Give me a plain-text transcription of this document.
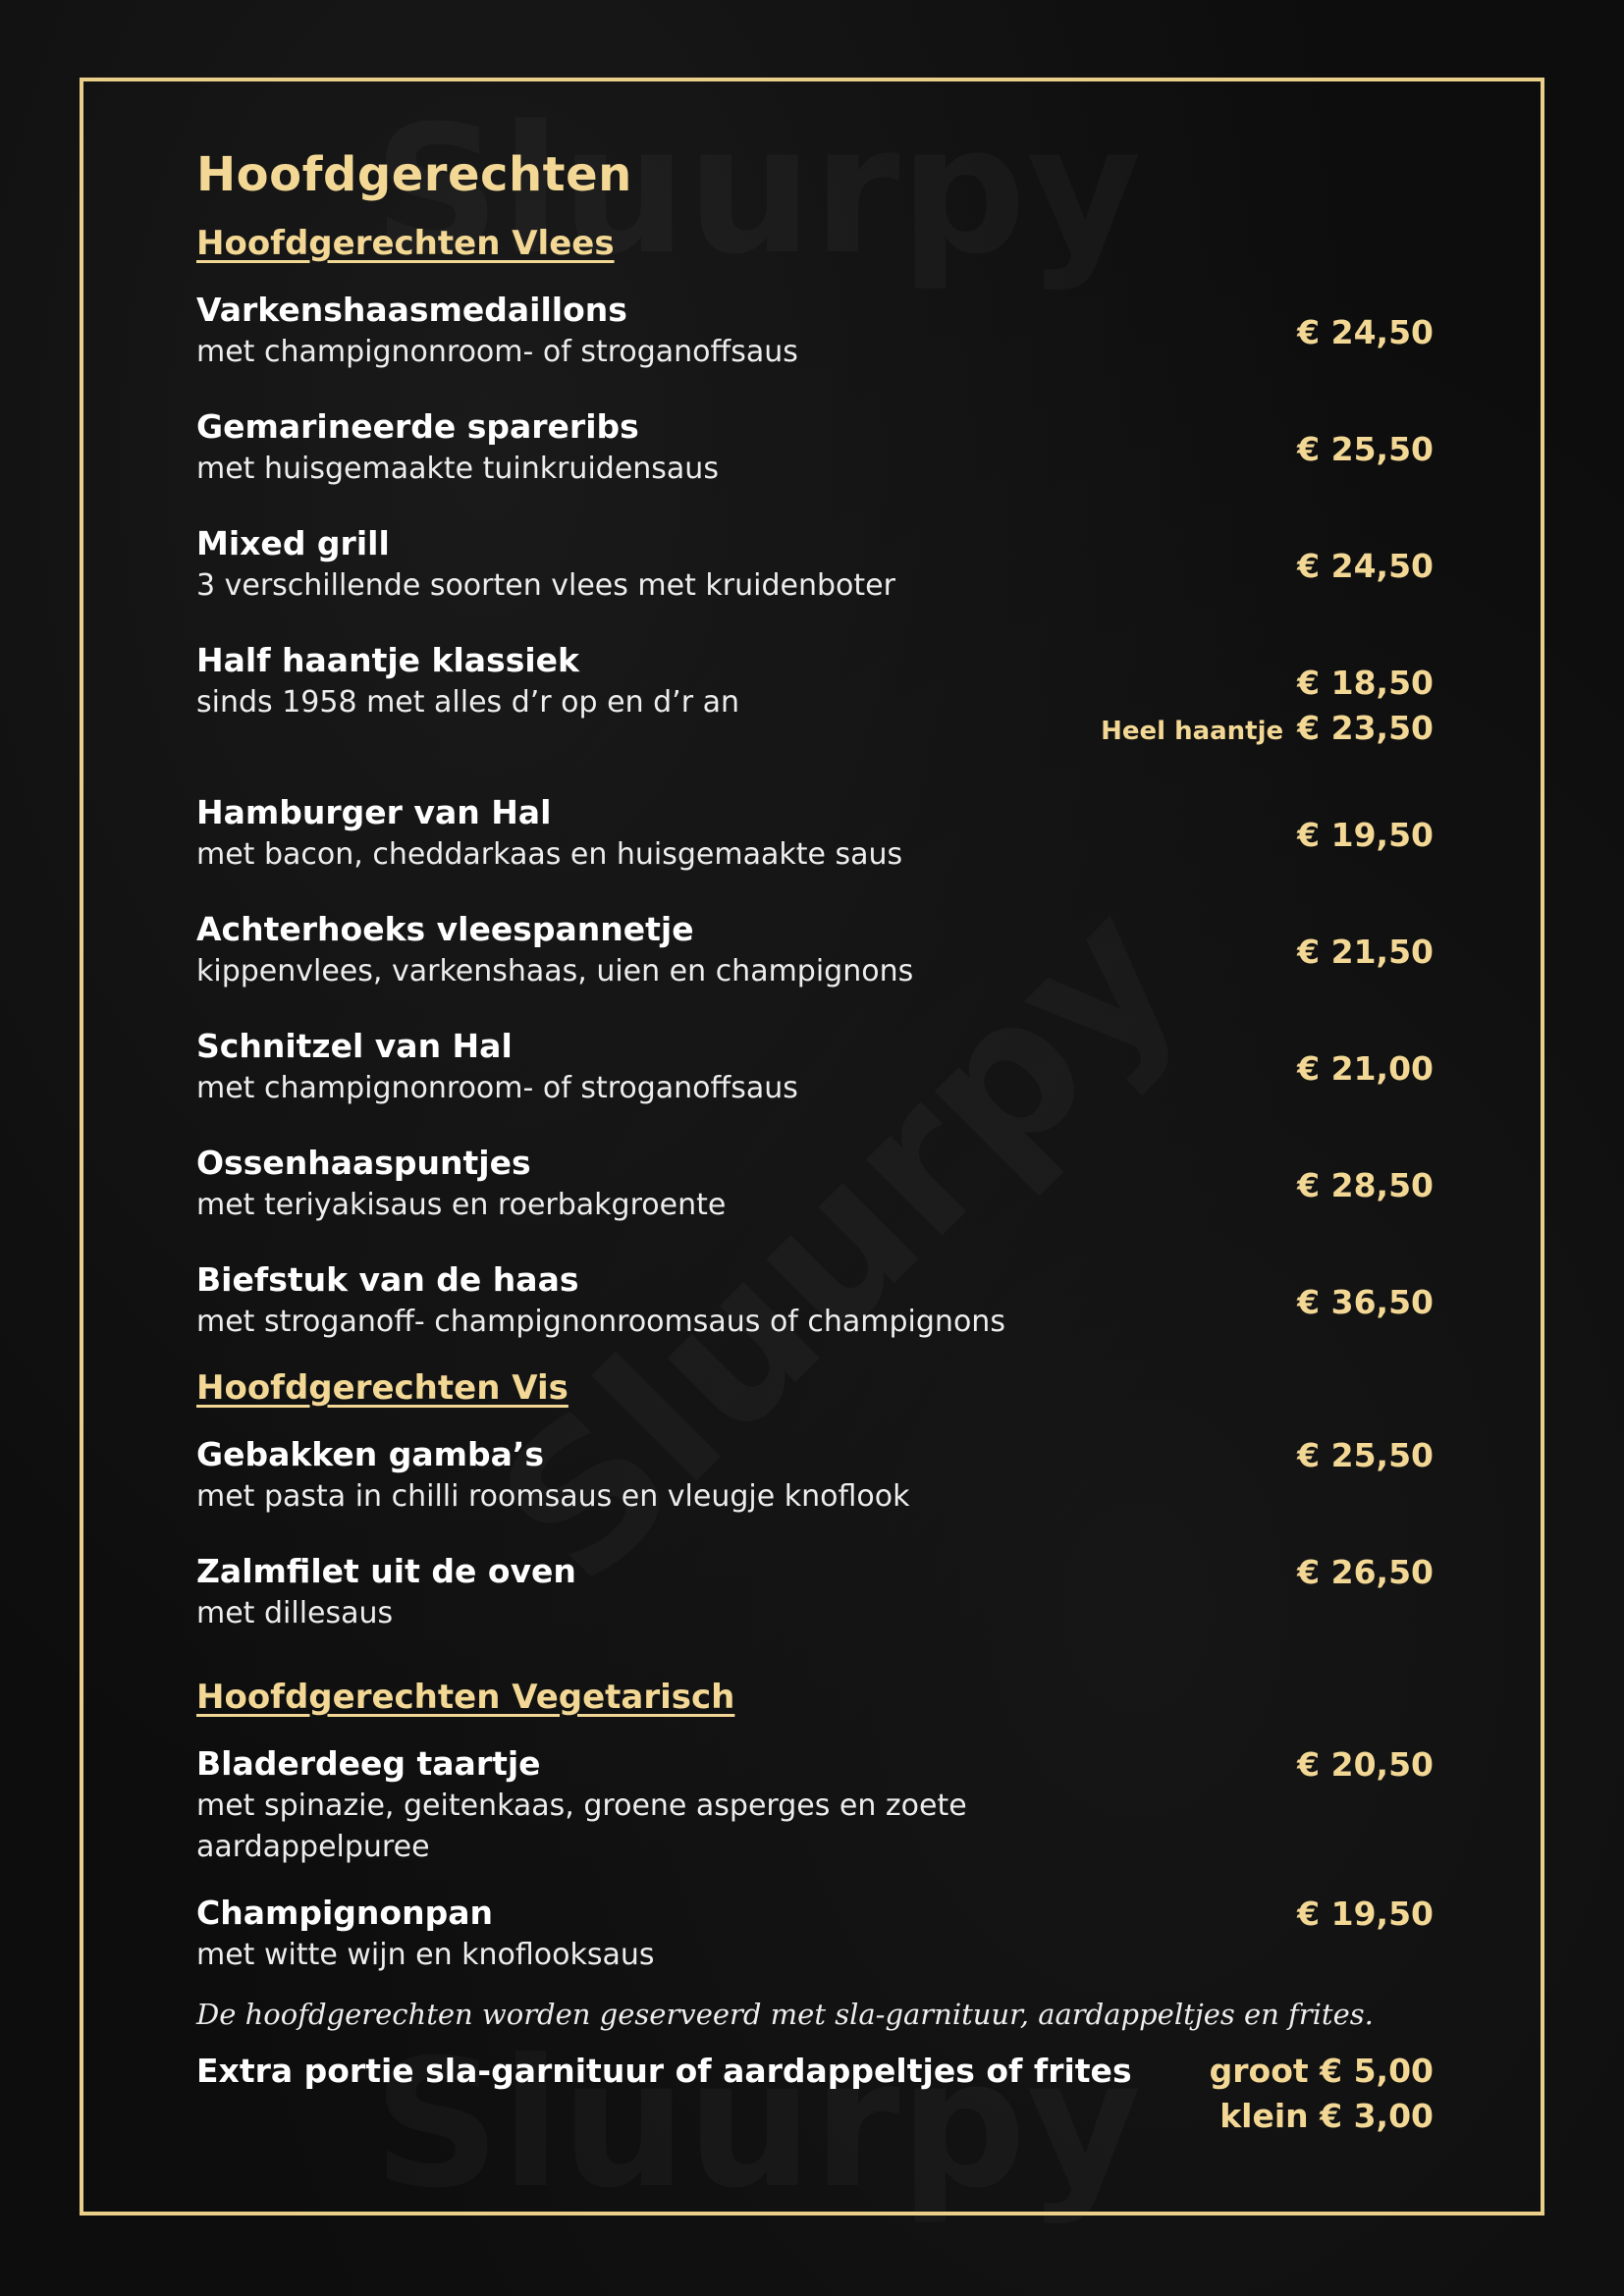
Hoofdgerechten
Hoofdgerechten Vlees
Varkenshaasmedaillons
met champignonroom- of stroganoffsaus
€ 24,50
Gemarineerde spareribs
met huisgemaakte tuinkruidensaus
€ 25,50
Mixed grill
3 verschillende soorten vlees met kruidenboter
€ 24,50
Half haantje klassiek
sinds 1958 met alles d’r op en d’r an
€ 18,50
Heel haantje € 23,50
Hamburger van Hal
met bacon, cheddarkaas en huisgemaakte saus
€ 19,50
Achterhoeks vleespannetje
kippenvlees, varkenshaas, uien en champignons
€ 21,50
Schnitzel van Hal
met champignonroom- of stroganoffsaus
€ 21,00
Ossenhaaspuntjes
met teriyakisaus en roerbakgroente
€ 28,50
Biefstuk van de haas
met stroganoff- champignonroomsaus of champignons
€ 36,50
Hoofdgerechten Vis
Gebakken gamba’s
met pasta in chilli roomsaus en vleugje knoflook
€ 25,50
Zalmfilet uit de oven
met dillesaus
€ 26,50
Hoofdgerechten Vegetarisch
Bladerdeeg taartje
met spinazie, geitenkaas, groene asperges en zoete aardappelpuree
€ 20,50
Champignonpan
met witte wijn en knoflooksaus
€ 19,50
De hoofdgerechten worden geserveerd met sla-garnituur, aardappeltjes en frites.
Extra portie sla-garnituur of aardappeltjes of frites groot € 5,00
klein € 3,00
